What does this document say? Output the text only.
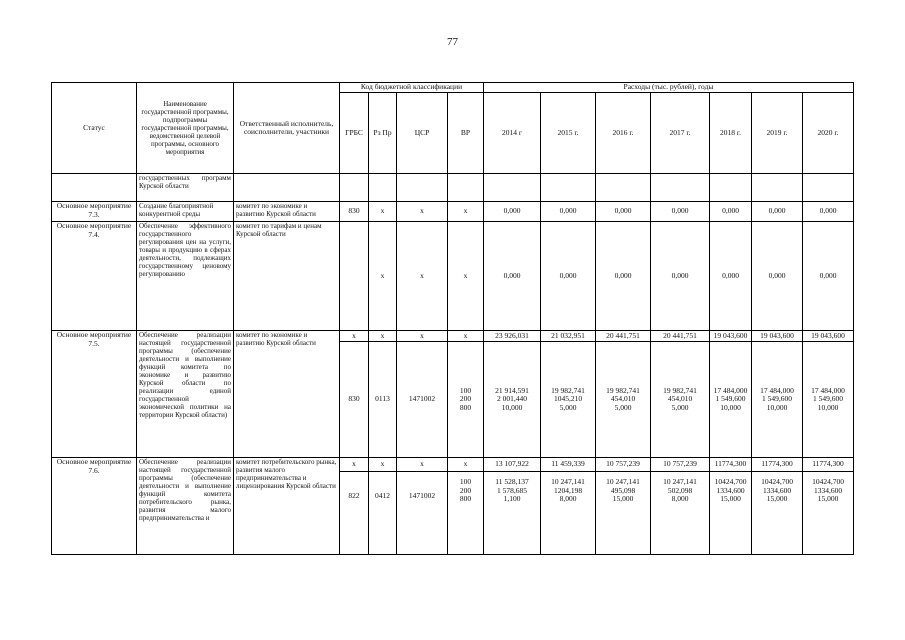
77
Статус	Наименование государственной программы, подпрограммы государственной программы, ведомственной целевой программы, основного мероприятия	Ответственный исполнитель, соисполнители, участники	Код бюджетной классификации				Расходы (тыс. рублей), годы						
			ГРБС	Рз Пр	ЦСР	ВР	2014 г	2015 г.	2016 г.	2017 г.	2018 г.	2019 г.	2020 г.
	государственных программ Курской области												
Основное мероприятие 7.3.	Создание благоприятной конкурентной среды	комитет по экономике и развитию Курской области	830	x	x	x	0,000	0,000	0,000	0,000	0,000	0,000	0,000
Основное мероприятие 7.4.	Обеспечение эффективного государственного регулирования цен на услуги, товары и продукцию в сферах деятельности, подлежащих государственному ценовому регулированию	комитет по тарифам и ценам Курской области		x	x	x	0,000	0,000	0,000	0,000	0,000	0,000	0,000
Основное мероприятие 7.5.	Обеспечение реализации настоящей государственной программы (обеспечение деятельности и выполнение функций комитета по экономике и развитию Курской области по реализации единой государственной экономической политики на территории Курской области)	комитет по экономике и развитию Курской области	x	x	x	x	23 926,031	21 032,951	20 441,751	20 441,751	19 043,600	19 043,600	19 043,600
			830	0113	1471002	100
200
800	21 914,591
2 001,440
10,000	19 982,741
1045,210
5,000	19 982,741
454,010
5,000	19 982,741
454,010
5,000	17 484,000
1 549,600
10,000	17 484,000
1 549,600
10,000	17 484,000
1 549,600
10,000

Основное мероприятие 7.6.	Обеспечение реализации настоящей государственной программы (обеспечение деятельности и выполнение функций комитета потребительского рынка, развития малого предпринимательства и	комитет потребительского рынка, развития малого предпринимательства и лицензирования Курской области	x	x	x	x	13 107,922	11 459,339	10 757,239	10 757,239	11774,300	11774,300	11774,300
			822	0412	1471002	100
200
800	11 528,137
1 578,685
1,100	10 247,141
1204,198
8,000	10 247,141
495,098
15,000	10 247,141
502,098
8,000	10424,700
1334,600
15,000	10424,700
1334,600
15,000	10424,700
1334,600
15,000
